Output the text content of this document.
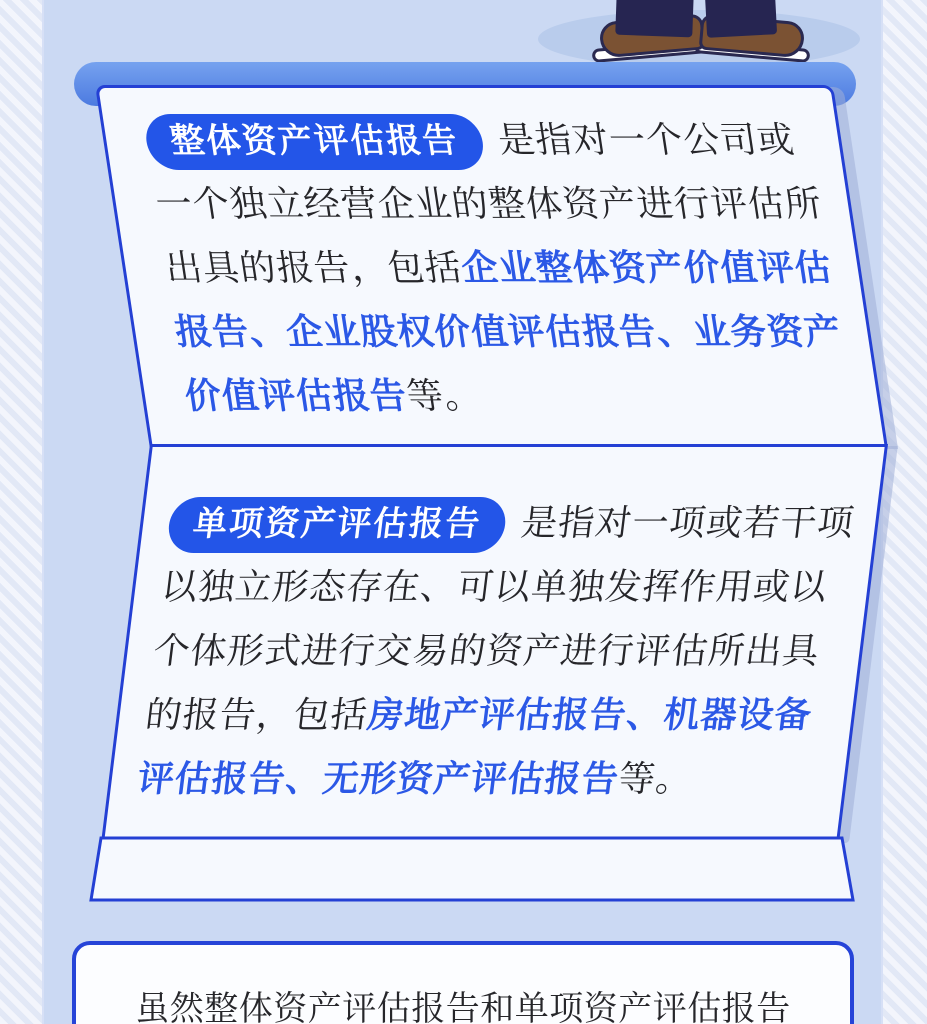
整体资产评估报告 是指对一个公司或一个独立经营企业的整体资产进行评估所出具的报告，包括企业整体资产价值评估报告、企业股权价值评估报告、业务资产价值评估报告等。

单项资产评估报告 是指对一项或若干项以独立形态存在、可以单独发挥作用或以个体形式进行交易的资产进行评估所出具的报告，包括房地产评估报告、机器设备评估报告、无形资产评估报告等。

虽然整体资产评估报告和单项资产评估报告
